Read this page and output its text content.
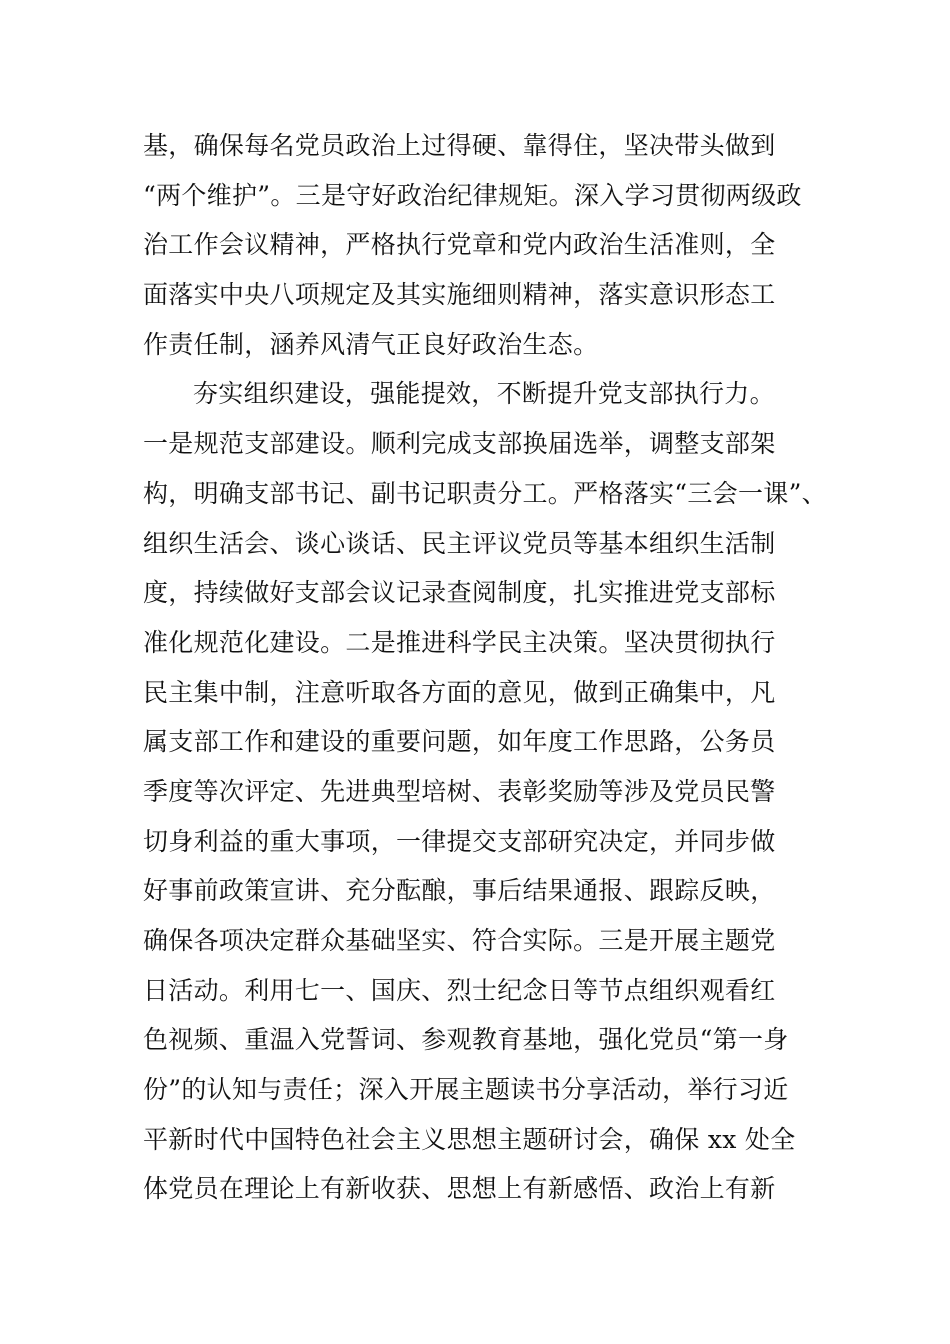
基，确保每名党员政治上过得硬、靠得住，坚决带头做到
“两个维护”。三是守好政治纪律规矩。深入学习贯彻两级政
治工作会议精神，严格执行党章和党内政治生活准则，全
面落实中央八项规定及其实施细则精神，落实意识形态工
作责任制，涵养风清气正良好政治生态。
夯实组织建设，强能提效，不断提升党支部执行力。
一是规范支部建设。顺利完成支部换届选举，调整支部架
构，明确支部书记、副书记职责分工。严格落实“三会一课”、
组织生活会、谈心谈话、民主评议党员等基本组织生活制
度，持续做好支部会议记录查阅制度，扎实推进党支部标
准化规范化建设。二是推进科学民主决策。坚决贯彻执行
民主集中制，注意听取各方面的意见，做到正确集中，凡
属支部工作和建设的重要问题，如年度工作思路，公务员
季度等次评定、先进典型培树、表彰奖励等涉及党员民警
切身利益的重大事项，一律提交支部研究决定，并同步做
好事前政策宣讲、充分酝酿，事后结果通报、跟踪反映，
确保各项决定群众基础坚实、符合实际。三是开展主题党
日活动。利用七一、国庆、烈士纪念日等节点组织观看红
色视频、重温入党誓词、参观教育基地，强化党员“第一身
份”的认知与责任；深入开展主题读书分享活动，举行习近
平新时代中国特色社会主义思想主题研讨会，确保 xx 处全
体党员在理论上有新收获、思想上有新感悟、政治上有新
